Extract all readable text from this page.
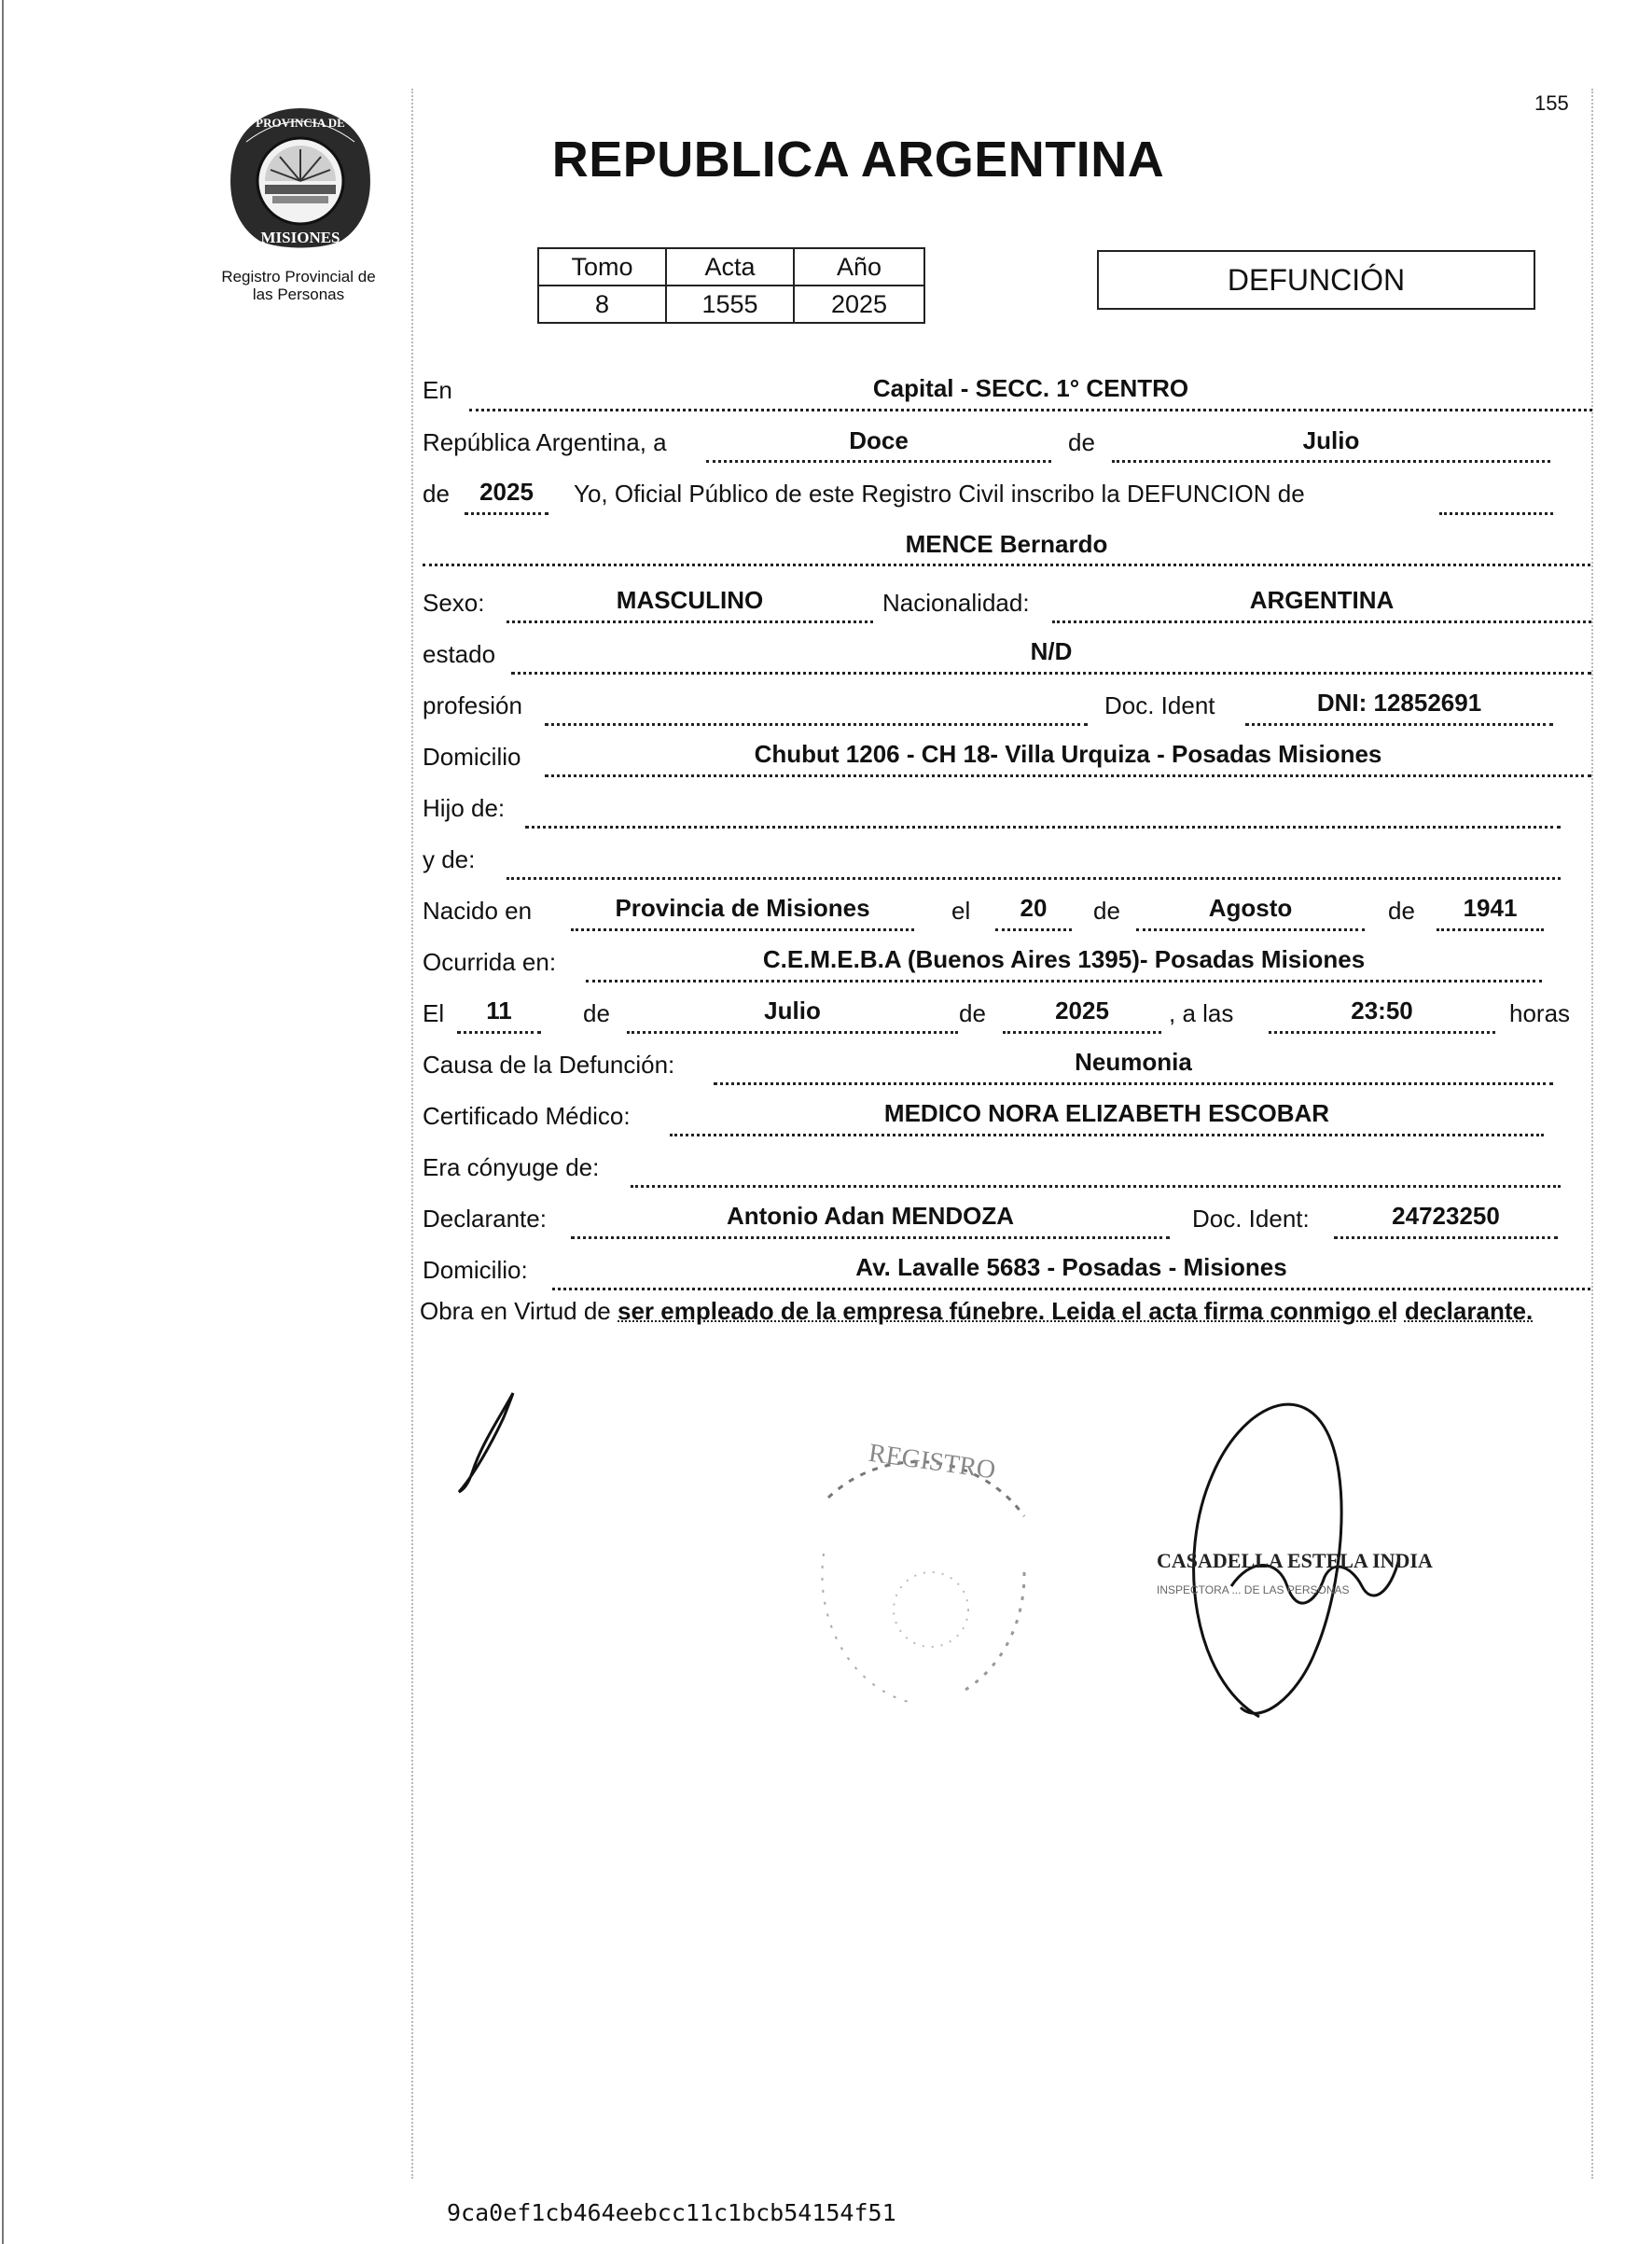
155
PROVINCIA DE
MISIONES
Registro Provincial de
las Personas
REPUBLICA ARGENTINA
Tomo	Acta	Año
8	1555	2025
DEFUNCIÓN
En	Capital - SECC. 1° CENTRO
República Argentina, a	Doce	de	Julio
de	2025	Yo, Oficial Público de este Registro Civil inscribo la DEFUNCION de
MENCE Bernardo
Sexo:	MASCULINO	Nacionalidad:	ARGENTINA
estado	N/D
profesión	Doc. Ident	DNI: 12852691
Domicilio	Chubut 1206 - CH 18- Villa Urquiza - Posadas Misiones
Hijo de:
y de:
Nacido en	Provincia de Misiones	el	20	de	Agosto	de	1941
Ocurrida en:	C.E.M.E.B.A (Buenos Aires 1395)- Posadas Misiones
El	11	de	Julio	de	2025	, a las	23:50	horas
Causa de la Defunción:	Neumonia
Certificado Médico:	MEDICO NORA ELIZABETH ESCOBAR
Era cónyuge de:
Declarante:	Antonio Adan MENDOZA	Doc. Ident:	24723250
Domicilio:	Av. Lavalle 5683 - Posadas - Misiones
Obra en Virtud de ser empleado de la empresa fúnebre. Leida el acta firma conmigo el declarante.
REGISTRO
CASADELLA ESTELA INDIA
INSPECTORA ... DE LAS PERSONAS
9ca0ef1cb464eebcc11c1bcb54154f51
